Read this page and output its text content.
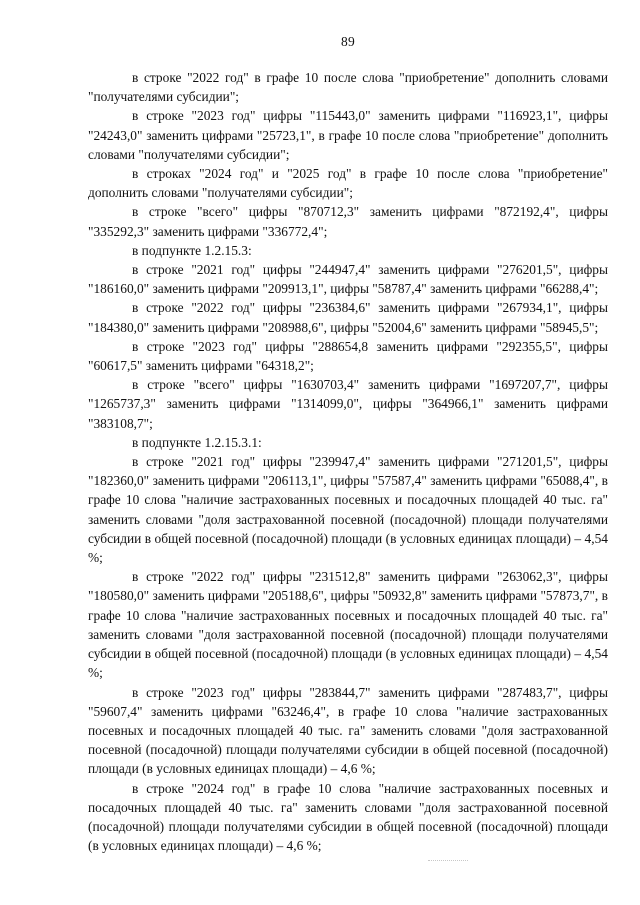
89

в строке "2022 год" в графе 10 после слова "приобретение" дополнить словами "получателями субсидии";

в строке "2023 год" цифры "115443,0" заменить цифрами "116923,1", цифры "24243,0" заменить цифрами "25723,1", в графе 10 после слова "приобретение" дополнить словами "получателями субсидии";

в строках "2024 год" и "2025 год" в графе 10 после слова "приобретение" дополнить словами "получателями субсидии";

в строке "всего" цифры "870712,3" заменить цифрами "872192,4", цифры "335292,3" заменить цифрами "336772,4";

в подпункте 1.2.15.3:

в строке "2021 год" цифры "244947,4" заменить цифрами "276201,5", цифры "186160,0" заменить цифрами "209913,1", цифры "58787,4" заменить цифрами "66288,4";

в строке "2022 год" цифры "236384,6" заменить цифрами "267934,1", цифры "184380,0" заменить цифрами "208988,6", цифры "52004,6" заменить цифрами "58945,5";

в строке "2023 год" цифры "288654,8 заменить цифрами "292355,5", цифры "60617,5" заменить цифрами "64318,2";

в строке "всего" цифры "1630703,4" заменить цифрами "1697207,7", цифры "1265737,3" заменить цифрами "1314099,0", цифры "364966,1" заменить цифрами "383108,7";

в подпункте 1.2.15.3.1:

в строке "2021 год" цифры "239947,4" заменить цифрами "271201,5", цифры "182360,0" заменить цифрами "206113,1", цифры "57587,4" заменить цифрами "65088,4", в графе 10 слова "наличие застрахованных посевных и посадочных площадей 40 тыс. га" заменить словами "доля застрахованной посевной (посадочной) площади получателями субсидии в общей посевной (посадочной) площади (в условных единицах площади) – 4,54 %;

в строке "2022 год" цифры "231512,8" заменить цифрами "263062,3", цифры "180580,0" заменить цифрами "205188,6", цифры "50932,8" заменить цифрами "57873,7", в графе 10 слова "наличие застрахованных посевных и посадочных площадей 40 тыс. га" заменить словами "доля застрахованной посевной (посадочной) площади получателями субсидии в общей посевной (посадочной) площади (в условных единицах площади) – 4,54 %;

в строке "2023 год" цифры "283844,7" заменить цифрами "287483,7", цифры "59607,4" заменить цифрами "63246,4", в графе 10 слова "наличие застрахованных посевных и посадочных площадей 40 тыс. га" заменить словами "доля застрахованной посевной (посадочной) площади получателями субсидии в общей посевной (посадочной) площади (в условных единицах площади) – 4,6 %;

в строке "2024 год" в графе 10 слова "наличие застрахованных посевных и посадочных площадей 40 тыс. га" заменить словами "доля застрахованной посевной (посадочной) площади получателями субсидии в общей посевной (посадочной) площади (в условных единицах площади) – 4,6 %;
